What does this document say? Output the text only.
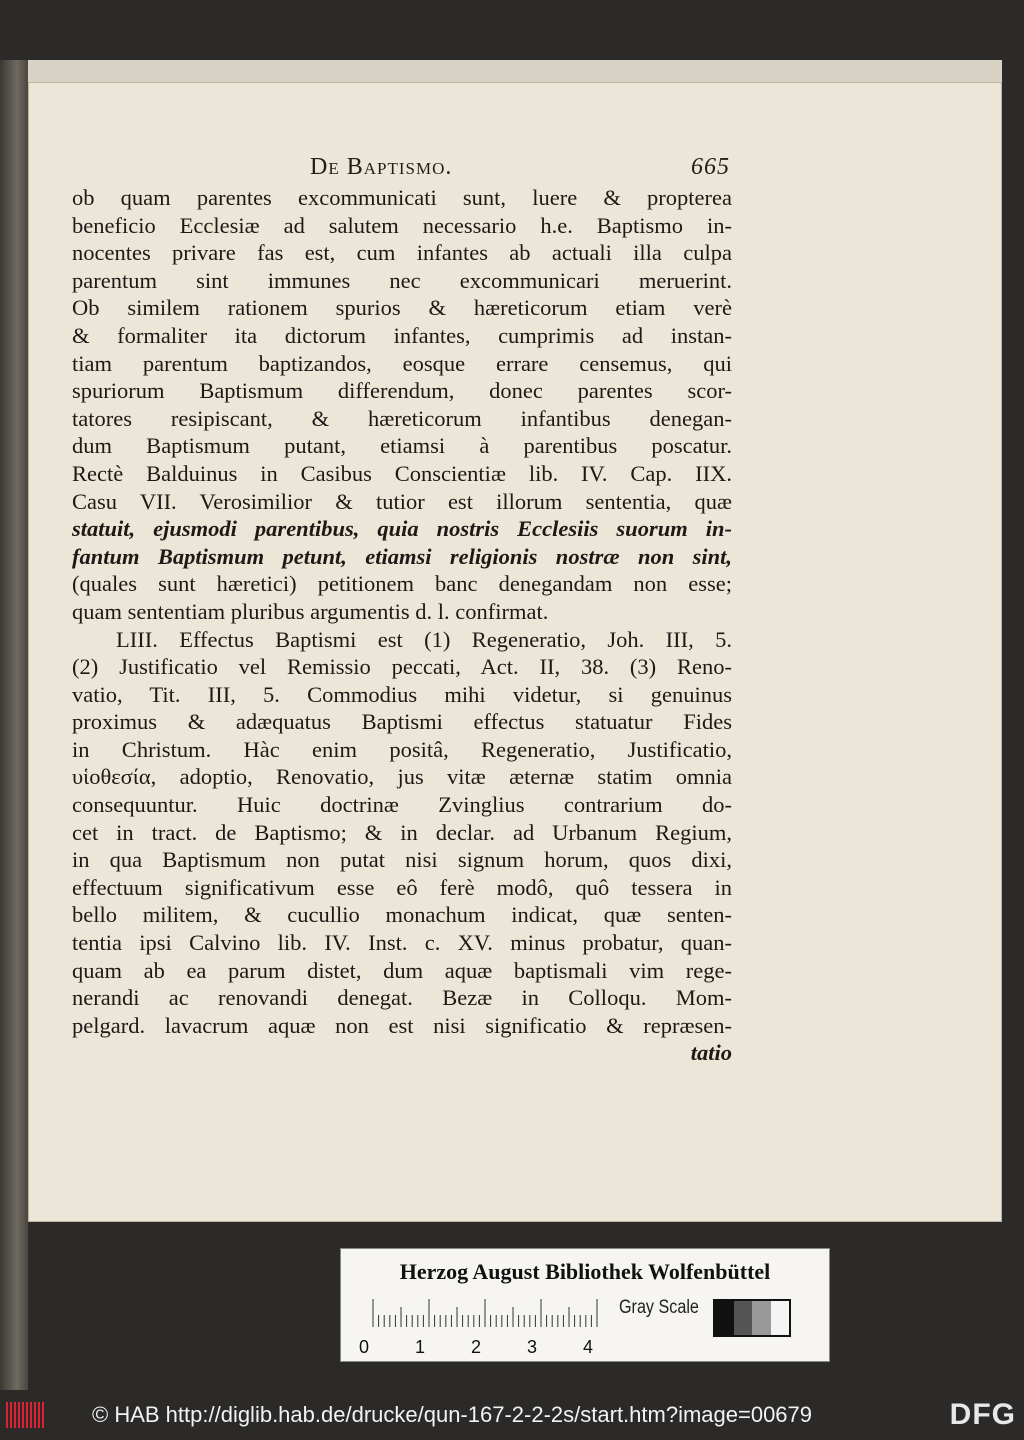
De Baptismo.	665
ob quam parentes excommunicati sunt, luere & propterea
beneficio Ecclesiæ ad salutem necessario h.e. Baptismo in-
nocentes privare fas est, cum infantes ab actuali illa culpa
parentum sint immunes nec excommunicari meruerint.
Ob similem rationem spurios & hæreticorum etiam verè
& formaliter ita dictorum infantes, cumprimis ad instan-
tiam parentum baptizandos, eosque errare censemus, qui
spuriorum Baptismum differendum, donec parentes scor-
tatores resipiscant, & hæreticorum infantibus denegan-
dum Baptismum putant, etiamsi à parentibus poscatur.
Rectè Balduinus in Casibus Conscientiæ lib. IV. Cap. IIX.
Casu VII. Verosimilior & tutior est illorum sententia, quæ
statuit, ejusmodi parentibus, quia nostris Ecclesiis suorum in-
fantum Baptismum petunt, etiamsi religionis nostræ non sint,
(quales sunt hæretici) petitionem banc denegandam non esse;
quam sententiam pluribus argumentis d. l. confirmat.
LIII. Effectus Baptismi est (1) Regeneratio, Joh. III, 5.
(2) Justificatio vel Remissio peccati, Act. II, 38. (3) Reno-
vatio, Tit. III, 5. Commodius mihi videtur, si genuinus
proximus & adæquatus Baptismi effectus statuatur Fides
in Christum. Hàc enim positâ, Regeneratio, Justificatio,
υἱοθεσία, adoptio, Renovatio, jus vitæ æternæ statim omnia
consequuntur. Huic doctrinæ Zvinglius contrarium do-
cet in tract. de Baptismo; & in declar. ad Urbanum Regium,
in qua Baptismum non putat nisi signum horum, quos dixi,
effectuum significativum esse eô ferè modô, quô tessera in
bello militem, & cucullio monachum indicat, quæ senten-
tentia ipsi Calvino lib. IV. Inst. c. XV. minus probatur, quan-
quam ab ea parum distet, dum aquæ baptismali vim rege-
nerandi ac renovandi denegat. Bezæ in Colloqu. Mom-
pelgard. lavacrum aquæ non est nisi significatio & repræsen-
tatio
Herzog August Bibliothek Wolfenbüttel
0	1	2	3	4
Gray Scale
© HAB http://diglib.hab.de/drucke/qun-167-2-2-2s/start.htm?image=00679	DFG
